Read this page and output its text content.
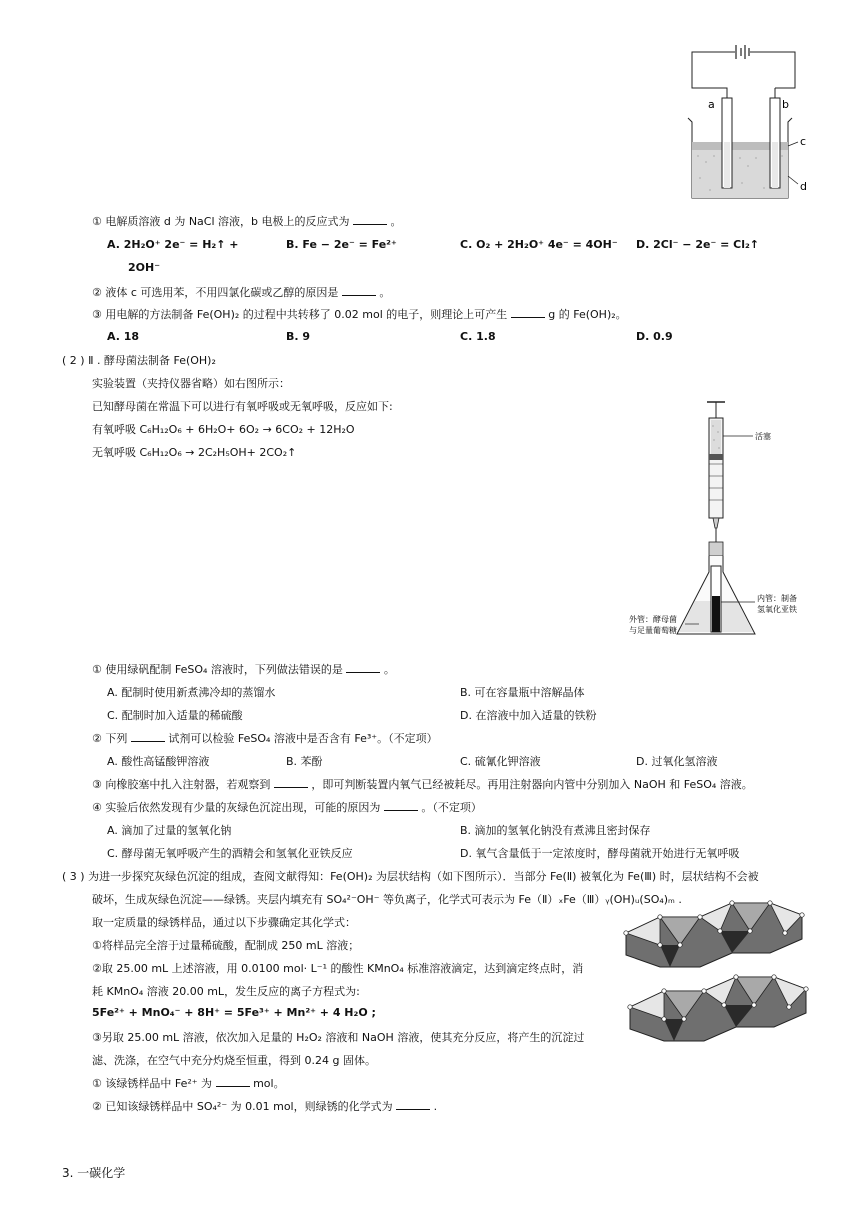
a	b
c
d
① 电解质溶液 d 为 NaCl 溶液，b 电极上的反应式为	。
A. 2H₂O⁺ 2e⁻ = H₂↑ +
2OH⁻
B. Fe − 2e⁻ = Fe²⁺	C. O₂ + 2H₂O⁺ 4e⁻ = 4OH⁻ D. 2Cl⁻ − 2e⁻ = Cl₂↑
② 液体 c 可选用苯，不用四氯化碳或乙醇的原因是	。
③ 用电解的方法制备 Fe(OH)₂ 的过程中共转移了 0.02 mol 的电子，则理论上可产生	g 的 Fe(OH)₂。
A. 18	B. 9	C. 1.8	D. 0.9
( 2 ) Ⅱ . 酵母菌法制备 Fe(OH)₂
实验装置（夹持仪器省略）如右图所示：
已知酵母菌在常温下可以进行有氧呼吸或无氧呼吸，反应如下:
有氧呼吸 C₆H₁₂O₆ + 6H₂O+ 6O₂ → 6CO₂ + 12H₂O
无氧呼吸 C₆H₁₂O₆ → 2C₂H₅OH+ 2CO₂↑
活塞
内管：制备
氢氧化亚铁
外管：酵母菌
与足量葡萄糖
① 使用绿矾配制 FeSO₄ 溶液时，下列做法错误的是	。
A. 配制时使用新煮沸冷却的蒸馏水	B. 可在容量瓶中溶解晶体
C. 配制时加入适量的稀硫酸	D. 在溶液中加入适量的铁粉
② 下列	试剂可以检验 FeSO₄ 溶液中是否含有 Fe³⁺。（不定项）
A. 酸性高锰酸钾溶液	B. 苯酚	C. 硫氰化钾溶液	D. 过氧化氢溶液
③ 向橡胶塞中扎入注射器，若观察到	，即可判断装置内氧气已经被耗尽。再用注射器向内管中分别加入 NaOH 和 FeSO₄ 溶液。
④ 实验后依然发现有少量的灰绿色沉淀出现，可能的原因为	。（不定项）
A. 滴加了过量的氢氧化钠	B. 滴加的氢氧化钠没有煮沸且密封保存
C. 酵母菌无氧呼吸产生的酒精会和氢氧化亚铁反应	D. 氧气含量低于一定浓度时，酵母菌就开始进行无氧呼吸
( 3 ) 为进一步探究灰绿色沉淀的组成，查阅文献得知：Fe(OH)₂ 为层状结构（如下图所示）．当部分 Fe(Ⅱ) 被氧化为 Fe(Ⅲ) 时，层状结构不会被
破坏，生成灰绿色沉淀——绿锈。夹层内填充有 SO₄²⁻OH⁻ 等负离子，化学式可表示为 Fe（Ⅱ）ₓFe（Ⅲ）ᵧ(OH)ᵤ(SO₄)ₘ .
取一定质量的绿锈样品，通过以下步骤确定其化学式：
①将样品完全溶于过量稀硫酸，配制成 250 mL 溶液；
②取 25.00 mL 上述溶液，用 0.0100 mol· L⁻¹ 的酸性 KMnO₄ 标准溶液滴定，达到滴定终点时，消
耗 KMnO₄ 溶液 20.00 mL，发生反应的离子方程式为:
5Fe²⁺ + MnO₄⁻ + 8H⁺ = 5Fe³⁺ + Mn²⁺ + 4 H₂O ;
③另取 25.00 mL 溶液，依次加入足量的 H₂O₂ 溶液和 NaOH 溶液，使其充分反应，将产生的沉淀过
滤、洗涤，在空气中充分灼烧至恒重，得到 0.24 g 固体。
① 该绿锈样品中 Fe²⁺ 为	mol。
② 已知该绿锈样品中 SO₄²⁻ 为 0.01 mol，则绿锈的化学式为	.
3. 一碳化学
